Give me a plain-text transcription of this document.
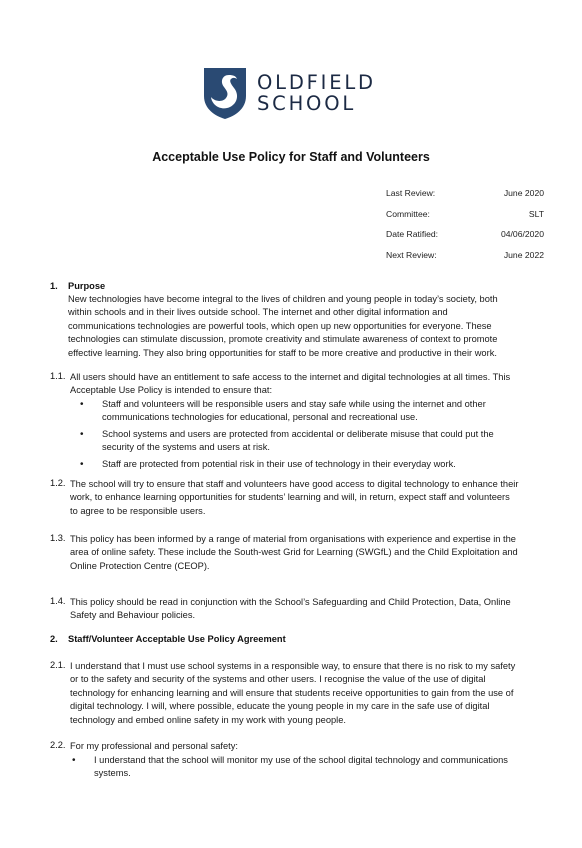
OLDFIELD
SCHOOL
Acceptable Use Policy for Staff and Volunteers
Last Review:	June 2020
Committee:	SLT
Date Ratified:	04/06/2020
Next Review:	June 2022
1. Purpose
New technologies have become integral to the lives of children and young people in today’s society, both
within schools and in their lives outside school. The internet and other digital information and
communications technologies are powerful tools, which open up new opportunities for everyone. These
technologies can stimulate discussion, promote creativity and stimulate awareness of context to promote
effective learning. They also bring opportunities for staff to be more creative and productive in their work.
1.1. All users should have an entitlement to safe access to the internet and digital technologies at all times. This
Acceptable Use Policy is intended to ensure that:
• Staff and volunteers will be responsible users and stay safe while using the internet and other
communications technologies for educational, personal and recreational use.
• School systems and users are protected from accidental or deliberate misuse that could put the
security of the systems and users at risk.
• Staff are protected from potential risk in their use of technology in their everyday work.
1.2. The school will try to ensure that staff and volunteers have good access to digital technology to enhance their
work, to enhance learning opportunities for students’ learning and will, in return, expect staff and volunteers
to agree to be responsible users.
1.3. This policy has been informed by a range of material from organisations with experience and expertise in the
area of online safety. These include the South-west Grid for Learning (SWGfL) and the Child Exploitation and
Online Protection Centre (CEOP).
1.4. This policy should be read in conjunction with the School’s Safeguarding and Child Protection, Data, Online
Safety and Behaviour policies.
2. Staff/Volunteer Acceptable Use Policy Agreement
2.1. I understand that I must use school systems in a responsible way, to ensure that there is no risk to my safety
or to the safety and security of the systems and other users. I recognise the value of the use of digital
technology for enhancing learning and will ensure that students receive opportunities to gain from the use of
digital technology. I will, where possible, educate the young people in my care in the safe use of digital
technology and embed online safety in my work with young people.
2.2. For my professional and personal safety:
• I understand that the school will monitor my use of the school digital technology and communications
systems.
